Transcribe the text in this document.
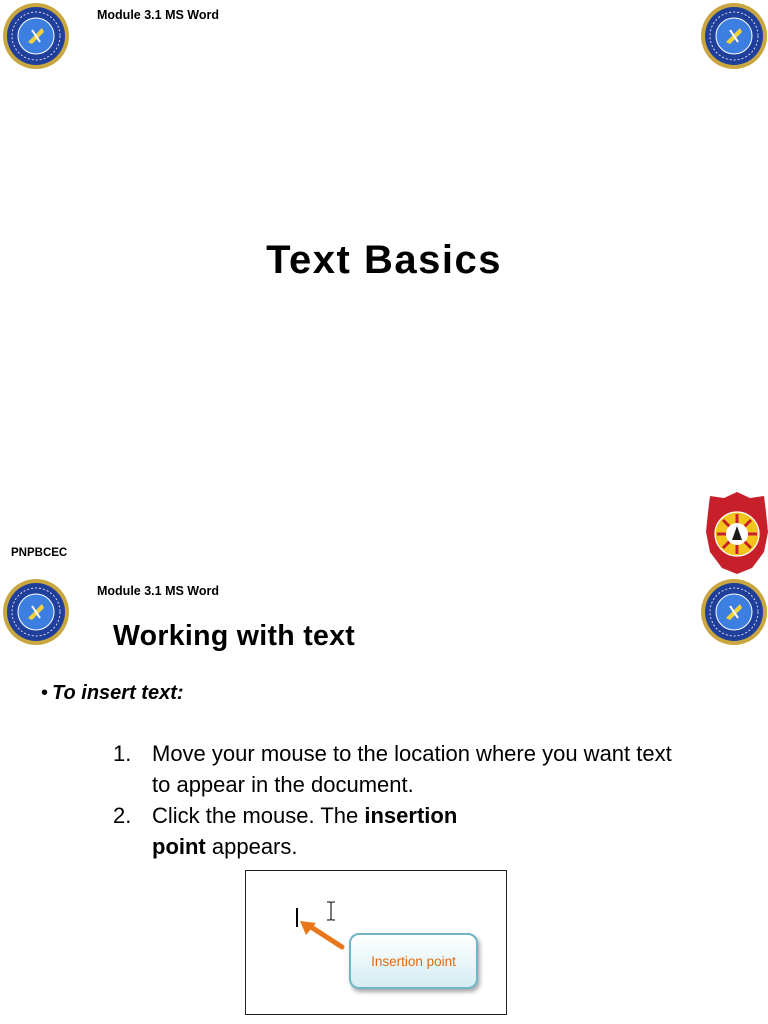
Module 3.1 MS Word
Text Basics
PNPBCEC
Module 3.1 MS Word
Working with text
• To insert text:
1. Move your mouse to the location where you want text to appear in the document.
2. Click the mouse. The insertion point appears.
Insertion point
